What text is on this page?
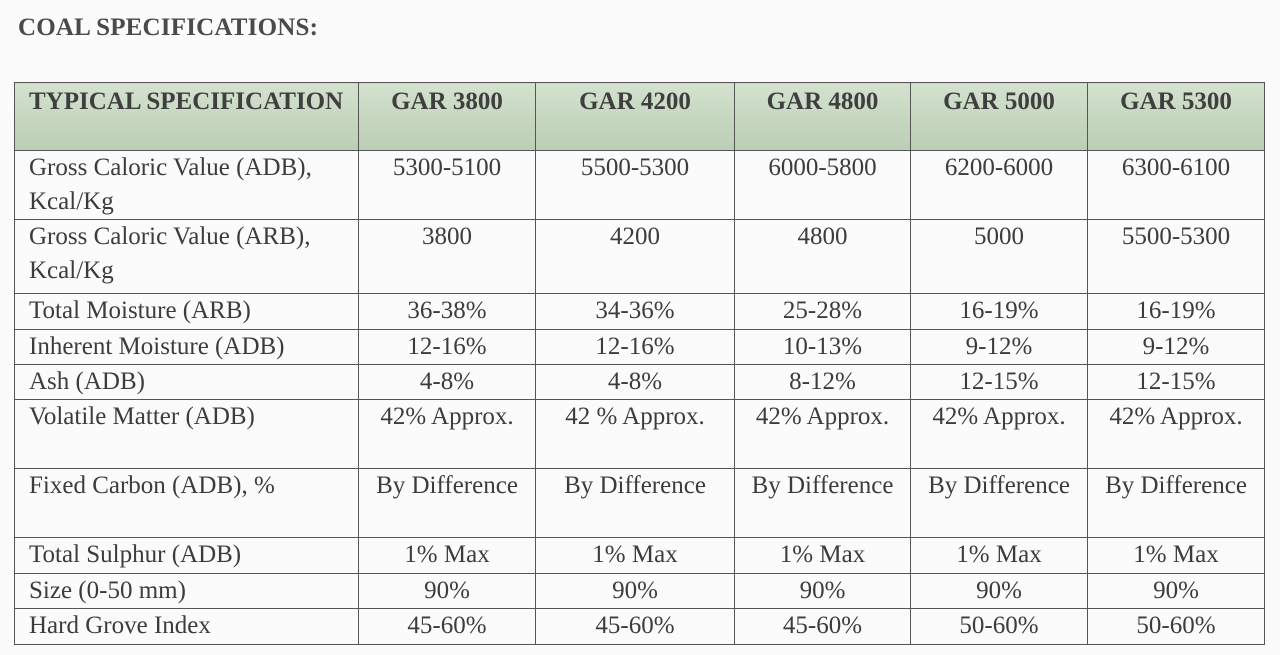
COAL SPECIFICATIONS:
TYPICAL SPECIFICATION	GAR 3800	GAR 4200	GAR 4800	GAR 5000	GAR 5300
Gross Caloric Value (ADB), Kcal/Kg	5300-5100	5500-5300	6000-5800	6200-6000	6300-6100
Gross Caloric Value (ARB), Kcal/Kg	3800	4200	4800	5000	5500-5300
Total Moisture (ARB)	36-38%	34-36%	25-28%	16-19%	16-19%
Inherent Moisture (ADB)	12-16%	12-16%	10-13%	9-12%	9-12%
Ash (ADB)	4-8%	4-8%	8-12%	12-15%	12-15%
Volatile Matter (ADB)	42% Approx.	42 % Approx.	42% Approx.	42% Approx.	42% Approx.
Fixed Carbon (ADB), %	By Difference	By Difference	By Difference	By Difference	By Difference
Total Sulphur (ADB)	1% Max	1% Max	1% Max	1% Max	1% Max
Size (0-50 mm)	90%	90%	90%	90%	90%
Hard Grove Index	45-60%	45-60%	45-60%	50-60%	50-60%
